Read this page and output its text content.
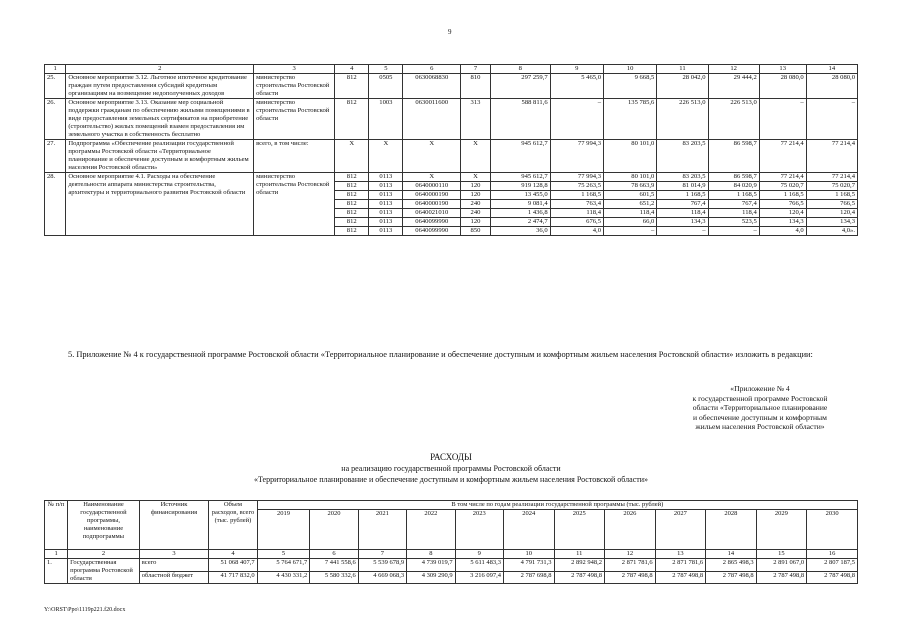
9
1	2	3	4	5	6	7	8	9	10	11	12	13	14
25.	Основное мероприятие 3.12. Льготное ипотечное кредитование граждан путем предоставления субсидий кредитным организациям на возмещение недополученных доходов	министерство строительства Ростовской области	812	0505	0630068830	810	297 259,7	5 465,0	9 668,5	28 042,0	29 444,2	28 080,0	28 080,0
26.	Основное мероприятие 3.13. Оказание мер социальной поддержки гражданам по обеспечению жилыми помещениями в виде предоставления земельных сертификатов на приобретение (строительство) жилых помещений взамен предоставления им земельного участка в собственность бесплатно	министерство строительства Ростовской области	812	1003	0630011600	313	588 811,6	–	135 785,6	226 513,0	226 513,0	–	–
27.	Подпрограмма «Обеспечение реализации государственной программы Ростовской области «Территориальное планирование и обеспечение доступным и комфортным жильем населения Ростовской области»	всего, в том числе:	X	X	X	X	945 612,7	77 994,3	80 101,0	83 203,5	86 598,7	77 214,4	77 214,4
28.	Основное мероприятие 4.1. Расходы на обеспечение деятельности аппарата министерства строительства, архитектуры и территориального развития Ростовской области	министерство строительства Ростовской области	812	0113	X	X	945 612,7	77 994,3	80 101,0	83 203,5	86 598,7	77 214,4	77 214,4
			812	0113	0640000110	120	919 128,8	75 263,5	78 663,9	81 014,9	84 020,9	75 020,7	75 020,7
			812	0113	0640000190	120	13 455,0	1 168,5	601,5	1 168,5	1 168,5	1 168,5	1 168,5
			812	0113	0640000190	240	9 081,4	763,4	651,2	767,4	767,4	766,5	766,5
			812	0113	0640021010	240	1 436,8	118,4	118,4	118,4	118,4	120,4	120,4
			812	0113	0640099990	120	2 474,7	676,5	66,0	134,3	523,5	134,3	134,3
			812	0113	0640099990	850	36,0	4,0	–	–	–	4,0	4,0».
5. Приложение № 4 к государственной программе Ростовской области «Территориальное планирование и обеспечение доступным и комфортным жильем населения Ростовской области» изложить в редакции:
«Приложение № 4
к государственной программе Ростовской
области «Территориальное планирование
и обеспечение доступным и комфортным
жильем населения Ростовской области»
РАСХОДЫ
на реализацию государственной программы Ростовской области
«Территориальное планирование и обеспечение доступным и комфортным жильем населения Ростовской области»
№ п/п	Наименование государственной программы, наименование подпрограммы	Источник финансирования	Объем расходов, всего (тыс. рублей)	В том числе по годам реализации государственной программы (тыс. рублей)											
				2019	2020	2021	2022	2023	2024	2025	2026	2027	2028	2029	2030
1	2	3	4	5	6	7	8	9	10	11	12	13	14	15	16
1.	Государственная программа Ростовской области	всего	51 068 407,7	5 764 671,7	7 441 558,6	5 539 678,9	4 739 019,7	5 611 483,3	4 791 731,3	2 892 948,2	2 871 781,6	2 871 781,6	2 865 498,3	2 891 067,0	2 807 187,5
		областной бюджет	41 717 832,0	4 430 331,2	5 580 332,6	4 669 068,3	4 309 290,9	3 216 097,4	2 787 698,8	2 787 498,8	2 787 498,8	2 787 498,8	2 787 498,8	2 787 498,8	2 787 498,8
Y:\ORST\Ppo\1119p221.f20.docx
